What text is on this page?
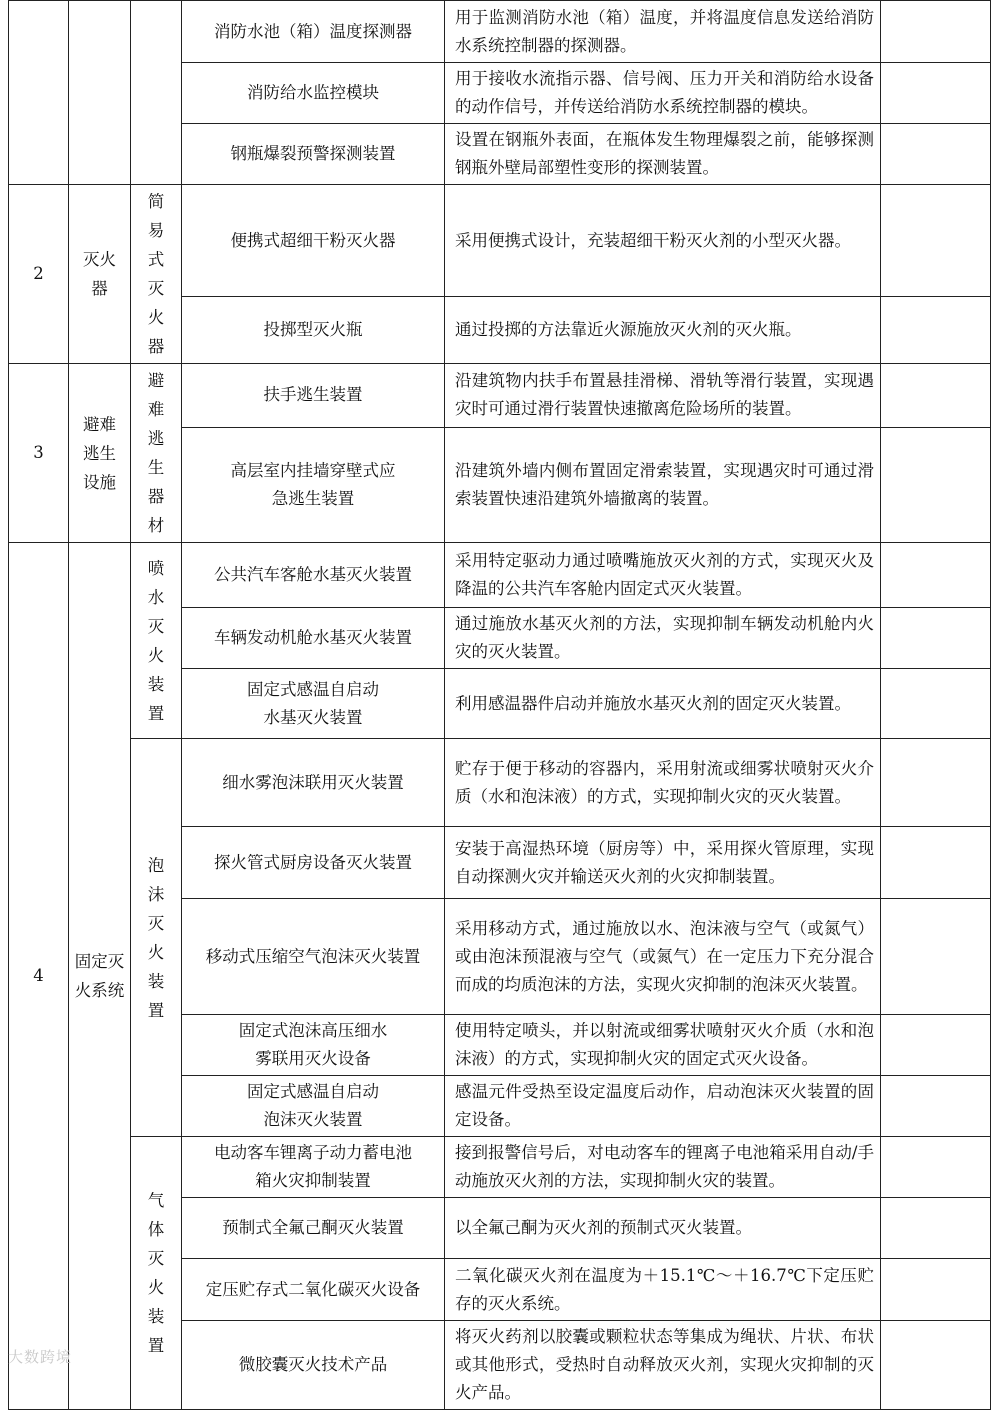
			消防水池（箱）温度探测器	用于监测消防水池（箱）温度，并将温度信息发送给消防水系统控制器的探测器。	
			消防给水监控模块	用于接收水流指示器、信号阀、压力开关和消防给水设备的动作信号，并传送给消防水系统控制器的模块。	
			钢瓶爆裂预警探测装置	设置在钢瓶外表面，在瓶体发生物理爆裂之前，能够探测钢瓶外壁局部塑性变形的探测装置。	
2	灭火器	简易式灭火器	便携式超细干粉灭火器	采用便携式设计，充装超细干粉灭火剂的小型灭火器。	
			投掷型灭火瓶	通过投掷的方法靠近火源施放灭火剂的灭火瓶。	
3	避难逃生设施	避难逃生器材	扶手逃生装置	沿建筑物内扶手布置悬挂滑梯、滑轨等滑行装置，实现遇灾时可通过滑行装置快速撤离危险场所的装置。	

			高层室内挂墙穿壁式应急逃生装置	沿建筑外墙内侧布置固定滑索装置，实现遇灾时可通过滑索装置快速沿建筑外墙撤离的装置。	
4	固定灭火系统	喷水灭火装置	公共汽车客舱水基灭火装置	采用特定驱动力通过喷嘴施放灭火剂的方式，实现灭火及降温的公共汽车客舱内固定式灭火装置。	
			车辆发动机舱水基灭火装置	通过施放水基灭火剂的方法，实现抑制车辆发动机舱内火灾的灭火装置。	

			固定式感温自启动水基灭火装置	利用感温器件启动并施放水基灭火剂的固定灭火装置。	

		泡沫灭火装置	细水雾泡沫联用灭火装置	贮存于便于移动的容器内，采用射流或细雾状喷射灭火介质（水和泡沫液）的方式，实现抑制火灾的灭火装置。	
			探火管式厨房设备灭火装置	安装于高湿热环境（厨房等）中，采用探火管原理，实现自动探测火灾并输送灭火剂的火灾抑制装置。	
			移动式压缩空气泡沫灭火装置	采用移动方式，通过施放以水、泡沫液与空气（或氮气）或由泡沫预混液与空气（或氮气）在一定压力下充分混合而成的均质泡沫的方法，实现火灾抑制的泡沫灭火装置。	

			固定式泡沫高压细水雾联用灭火设备	使用特定喷头，并以射流或细雾状喷射灭火介质（水和泡沫液）的方式，实现抑制火灾的固定式灭火设备。	

			固定式感温自启动泡沫灭火装置	感温元件受热至设定温度后动作，启动泡沫灭火装置的固定设备。	

		气体灭火装置	电动客车锂离子动力蓄电池箱火灾抑制装置	接到报警信号后，对电动客车的锂离子电池箱采用自动/手动施放灭火剂的方法，实现抑制火灾的装置。	
			预制式全氟己酮灭火装置	以全氟己酮为灭火剂的预制式灭火装置。	
			定压贮存式二氧化碳灭火设备	二氧化碳灭火剂在温度为＋15.1℃～＋16.7℃下定压贮存的灭火系统。	
			微胶囊灭火技术产品	将灭火药剂以胶囊或颗粒状态等集成为绳状、片状、布状或其他形式，受热时自动释放灭火剂，实现火灾抑制的灭火产品。	
大数跨境
